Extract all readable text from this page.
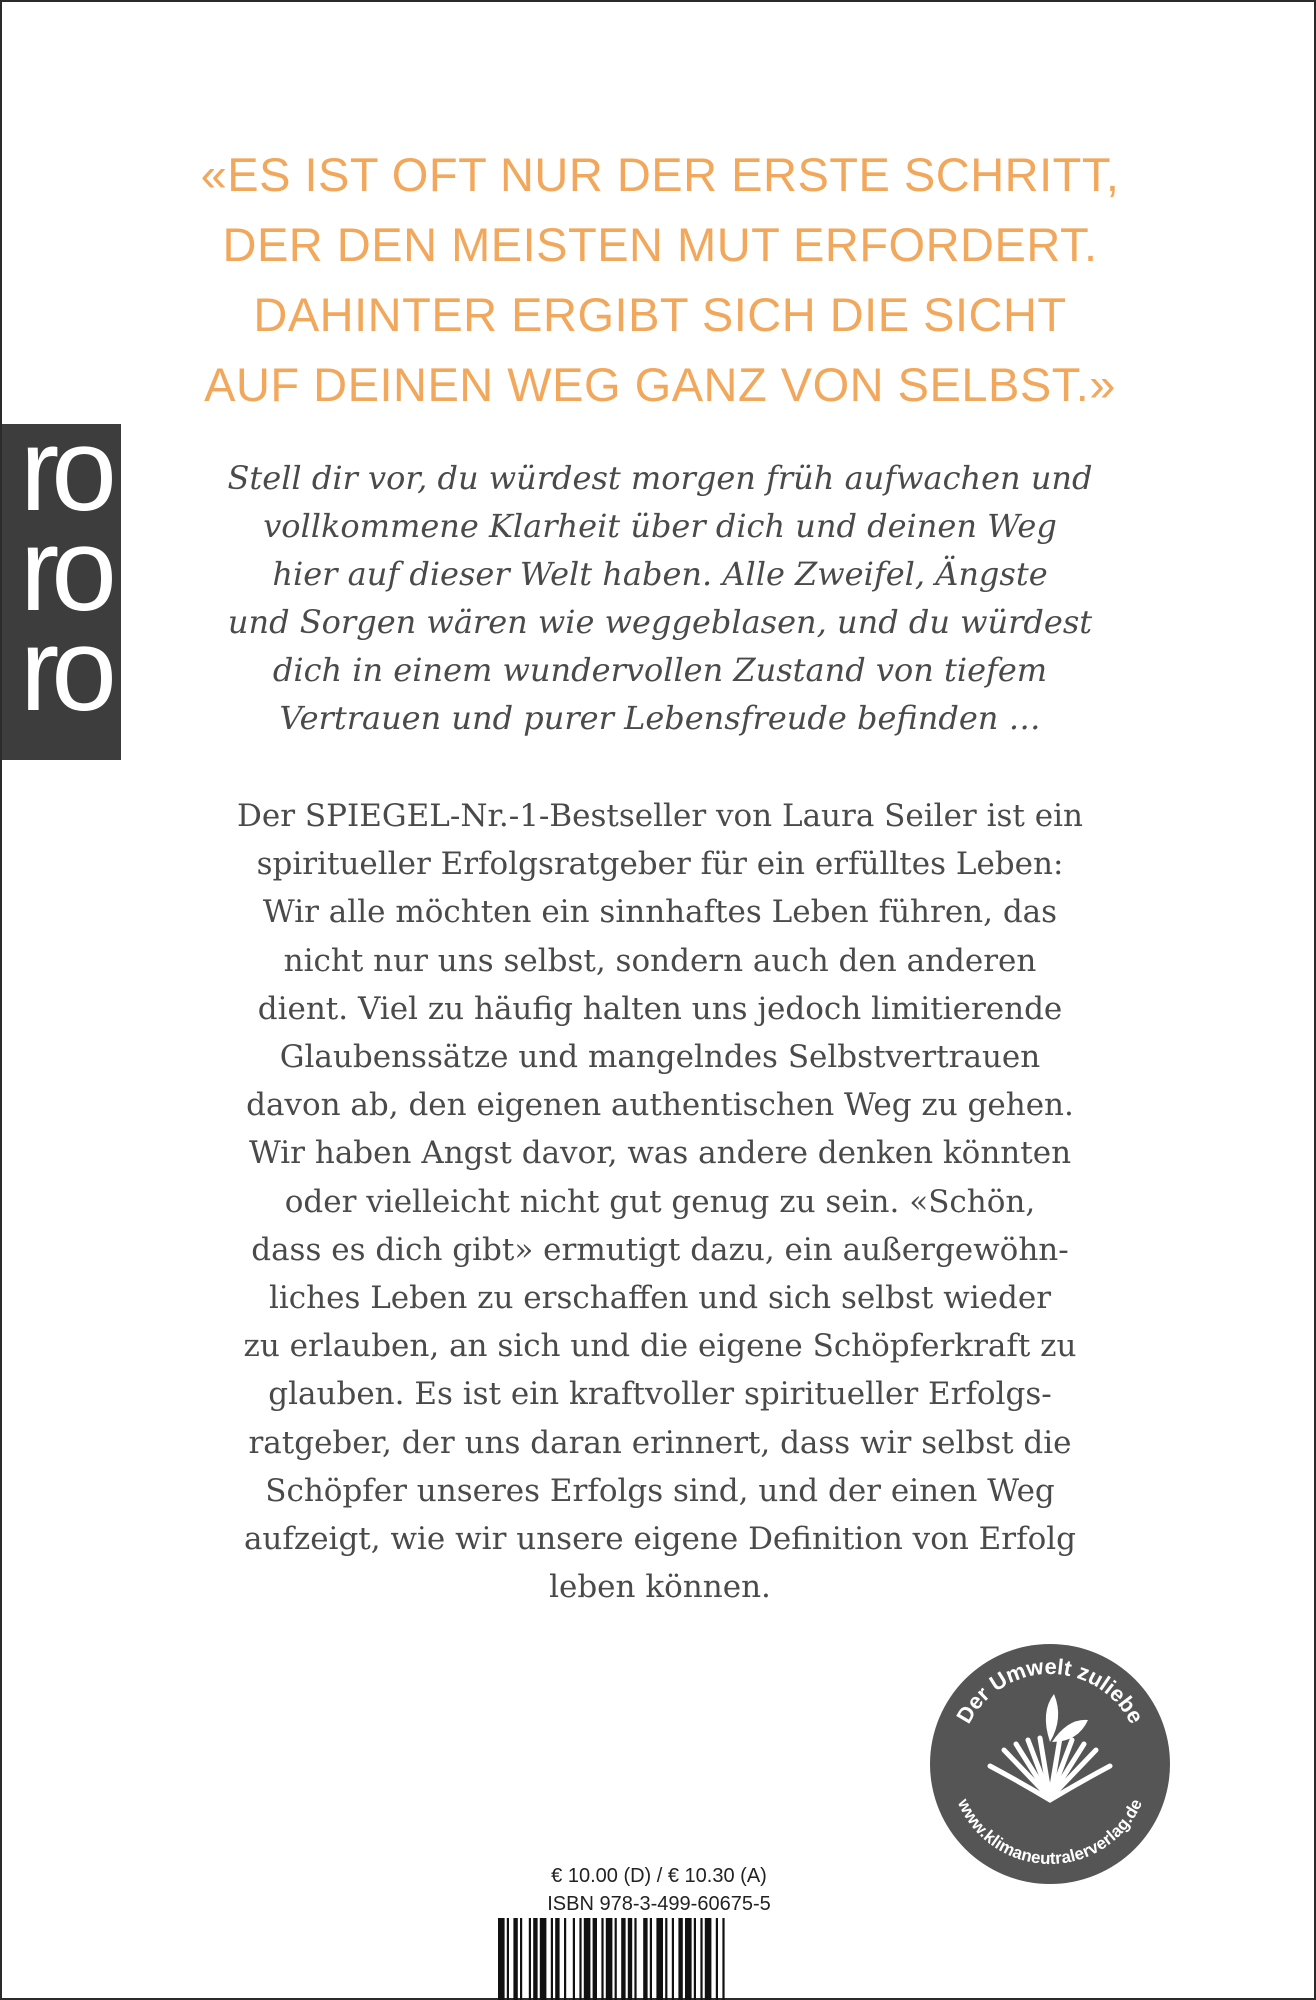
«ES IST OFT NUR DER ERSTE SCHRITT,
DER DEN MEISTEN MUT ERFORDERT.
DAHINTER ERGIBT SICH DIE SICHT
AUF DEINEN WEG GANZ VON SELBST.»
ro
ro
ro
Stell dir vor, du würdest morgen früh aufwachen und
vollkommene Klarheit über dich und deinen Weg
hier auf dieser Welt haben. Alle Zweifel, Ängste
und Sorgen wären wie weggeblasen, und du würdest
dich in einem wundervollen Zustand von tiefem
Vertrauen und purer Lebensfreude befinden …
Der SPIEGEL-Nr.-1-Bestseller von Laura Seiler ist ein
spiritueller Erfolgsratgeber für ein erfülltes Leben:
Wir alle möchten ein sinnhaftes Leben führen, das
nicht nur uns selbst, sondern auch den anderen
dient. Viel zu häufig halten uns jedoch limitierende
Glaubenssätze und mangelndes Selbstvertrauen
davon ab, den eigenen authentischen Weg zu gehen.
Wir haben Angst davor, was andere denken könnten
oder vielleicht nicht gut genug zu sein. «Schön,
dass es dich gibt» ermutigt dazu, ein außergewöhn-
liches Leben zu erschaffen und sich selbst wieder
zu erlauben, an sich und die eigene Schöpferkraft zu
glauben. Es ist ein kraftvoller spiritueller Erfolgs-
ratgeber, der uns daran erinnert, dass wir selbst die
Schöpfer unseres Erfolgs sind, und der einen Weg
aufzeigt, wie wir unsere eigene Definition von Erfolg
leben können.
Der Umwelt zuliebe
www.klimaneutralerverlag.de
€ 10.00 (D) / € 10.30 (A)
ISBN 978-3-499-60675-5
